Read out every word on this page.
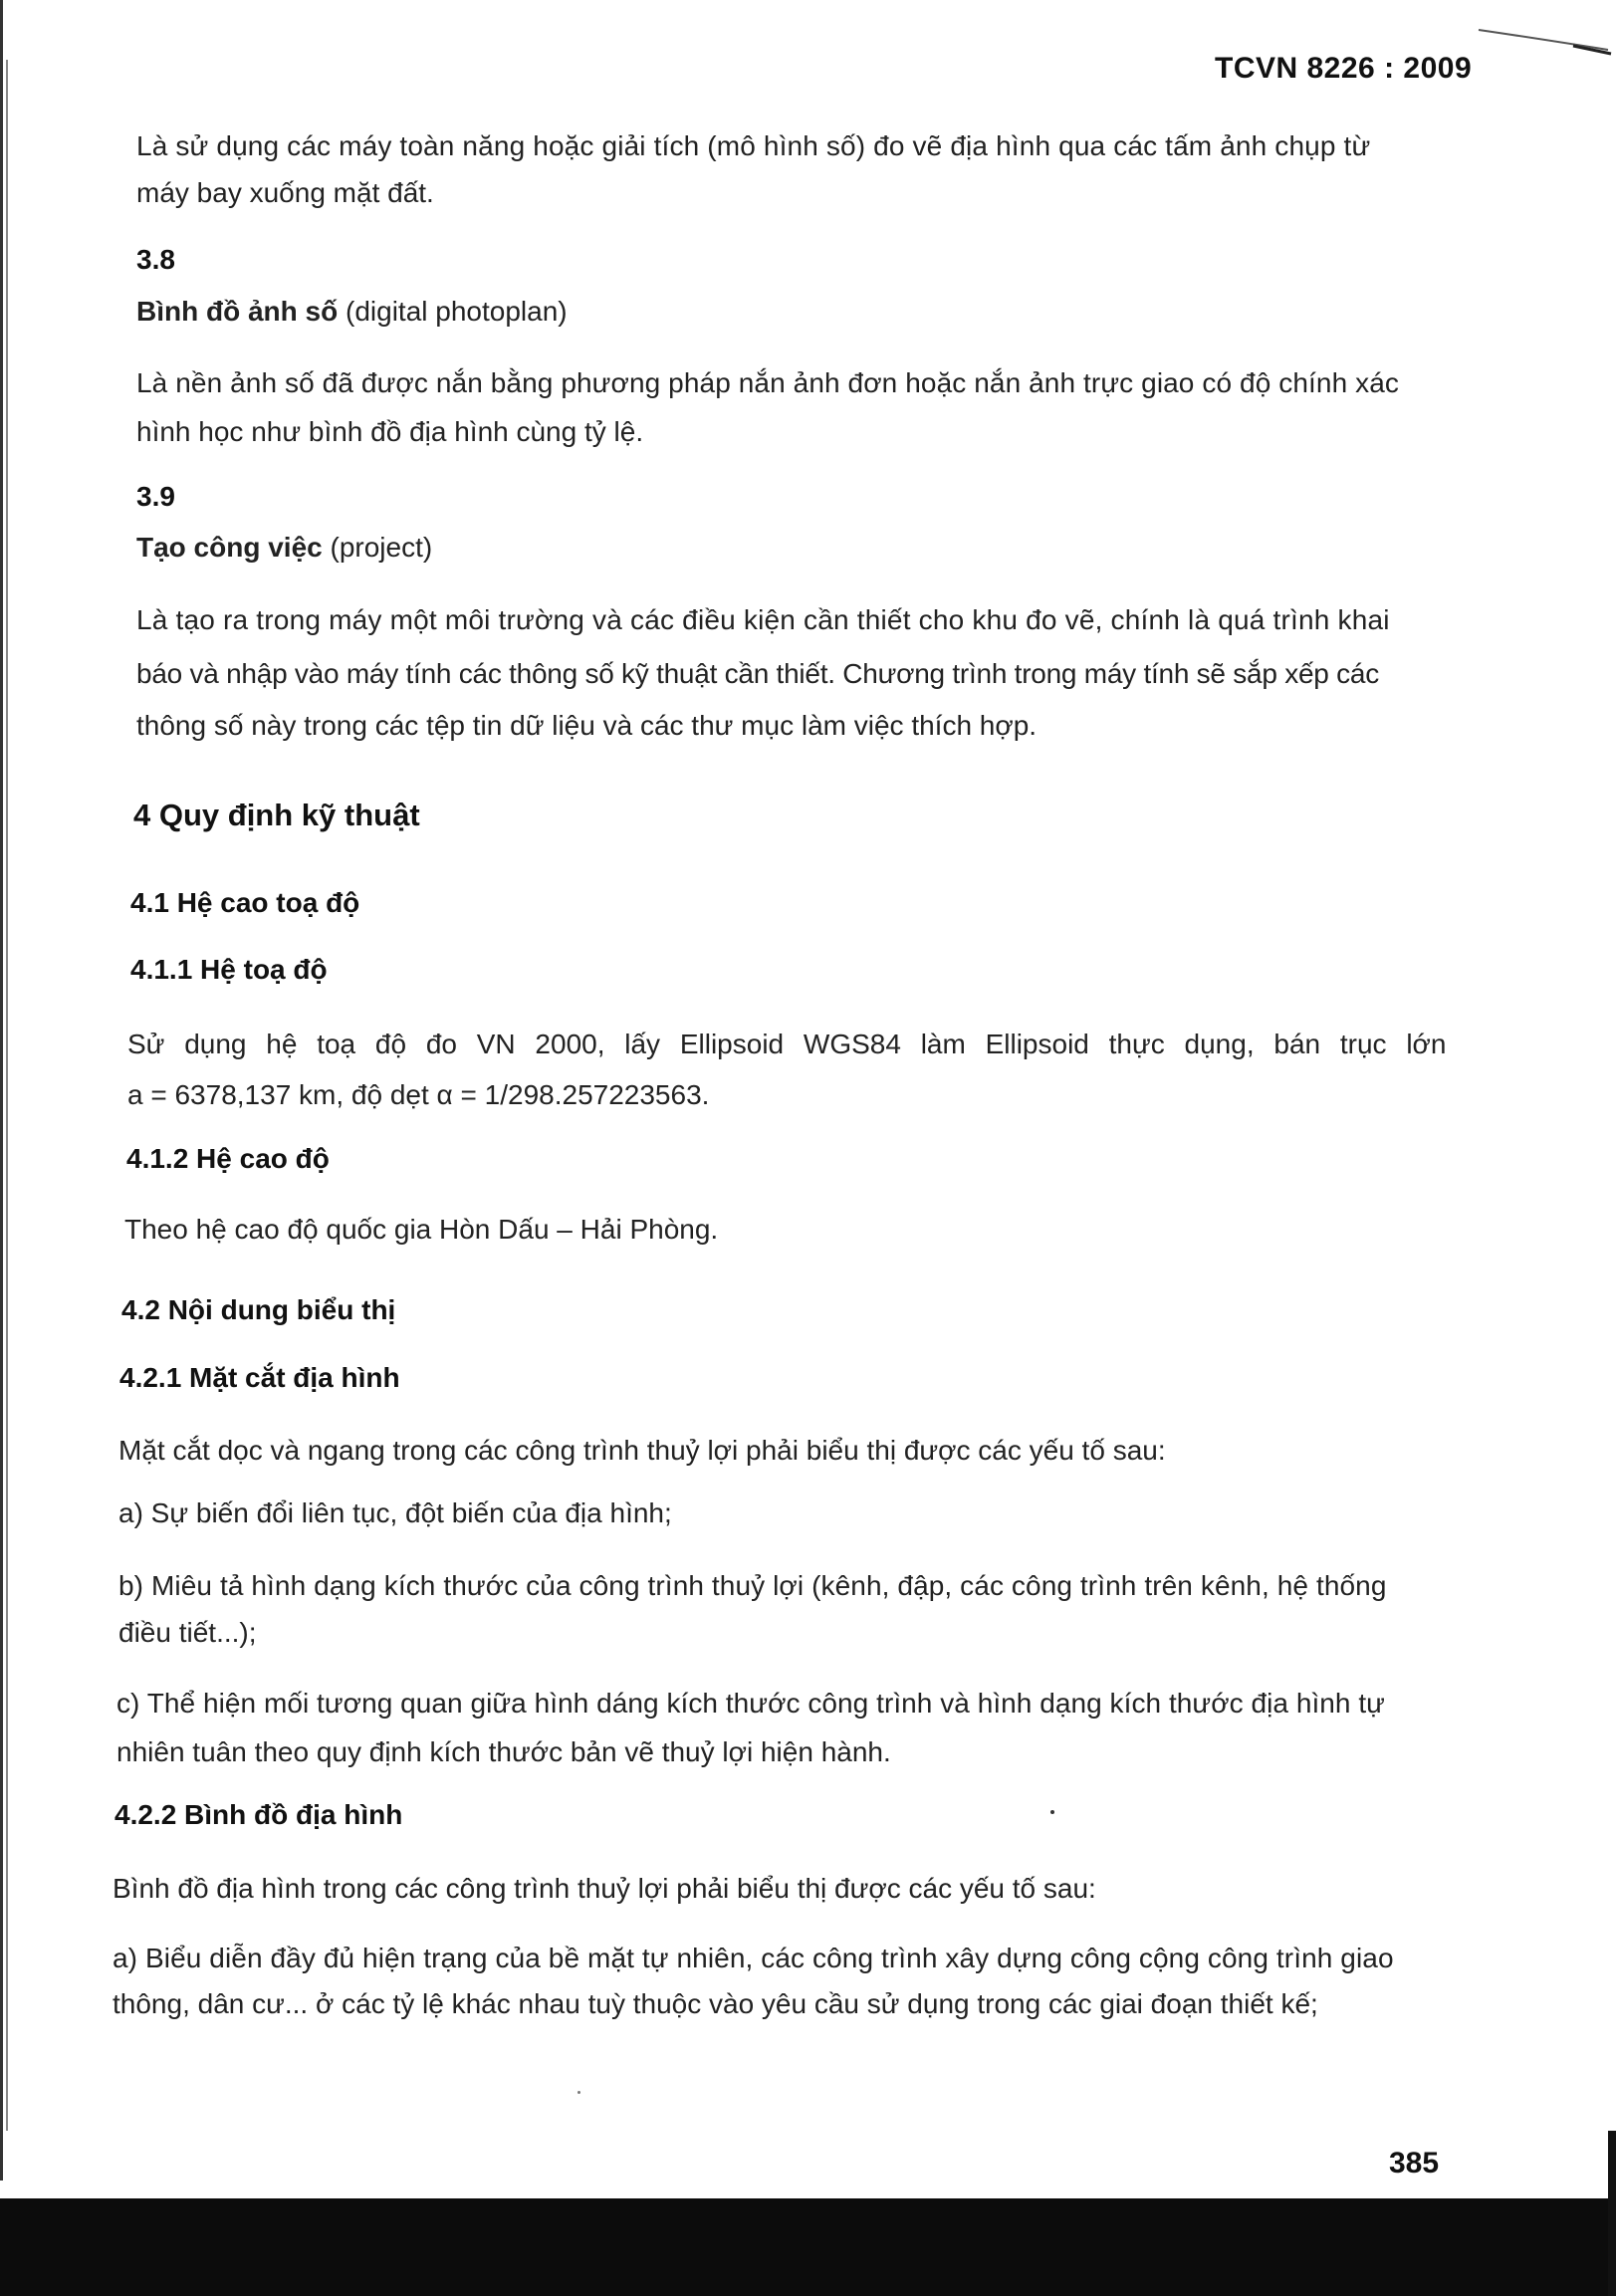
TCVN 8226 : 2009

Là sử dụng các máy toàn năng hoặc giải tích (mô hình số) đo vẽ địa hình qua các tấm ảnh chụp từ

máy bay xuống mặt đất.

3.8

Bình đồ ảnh số (digital photoplan)

Là nền ảnh số đã được nắn bằng phương pháp nắn ảnh đơn hoặc nắn ảnh trực giao có độ chính xác

hình học như bình đồ địa hình cùng tỷ lệ.

3.9

Tạo công việc (project)

Là tạo ra trong máy một môi trường và các điều kiện cần thiết cho khu đo vẽ, chính là quá trình khai

báo và nhập vào máy tính các thông số kỹ thuật cần thiết. Chương trình trong máy tính sẽ sắp xếp các

thông số này trong các tệp tin dữ liệu và các thư mục làm việc thích hợp.

4 Quy định kỹ thuật
4.1 Hệ cao toạ độ
4.1.1 Hệ toạ độ

Sử dụng hệ toạ độ đo VN 2000, lấy Ellipsoid WGS84 làm Ellipsoid thực dụng, bán trục lớn

a = 6378,137 km, độ dẹt α = 1/298.257223563.

4.1.2 Hệ cao độ

Theo hệ cao độ quốc gia Hòn Dấu – Hải Phòng.

4.2 Nội dung biểu thị
4.2.1 Mặt cắt địa hình

Mặt cắt dọc và ngang trong các công trình thuỷ lợi phải biểu thị được các yếu tố sau:

a) Sự biến đổi liên tục, đột biến của địa hình;

b) Miêu tả hình dạng kích thước của công trình thuỷ lợi (kênh, đập, các công trình trên kênh, hệ thống

điều tiết...);

c) Thể hiện mối tương quan giữa hình dáng kích thước công trình và hình dạng kích thước địa hình tự

nhiên tuân theo quy định kích thước bản vẽ thuỷ lợi hiện hành.

4.2.2 Bình đồ địa hình

Bình đồ địa hình trong các công trình thuỷ lợi phải biểu thị được các yếu tố sau:

a) Biểu diễn đầy đủ hiện trạng của bề mặt tự nhiên, các công trình xây dựng công cộng công trình giao

thông, dân cư... ở các tỷ lệ khác nhau tuỳ thuộc vào yêu cầu sử dụng trong các giai đoạn thiết kế;

385
